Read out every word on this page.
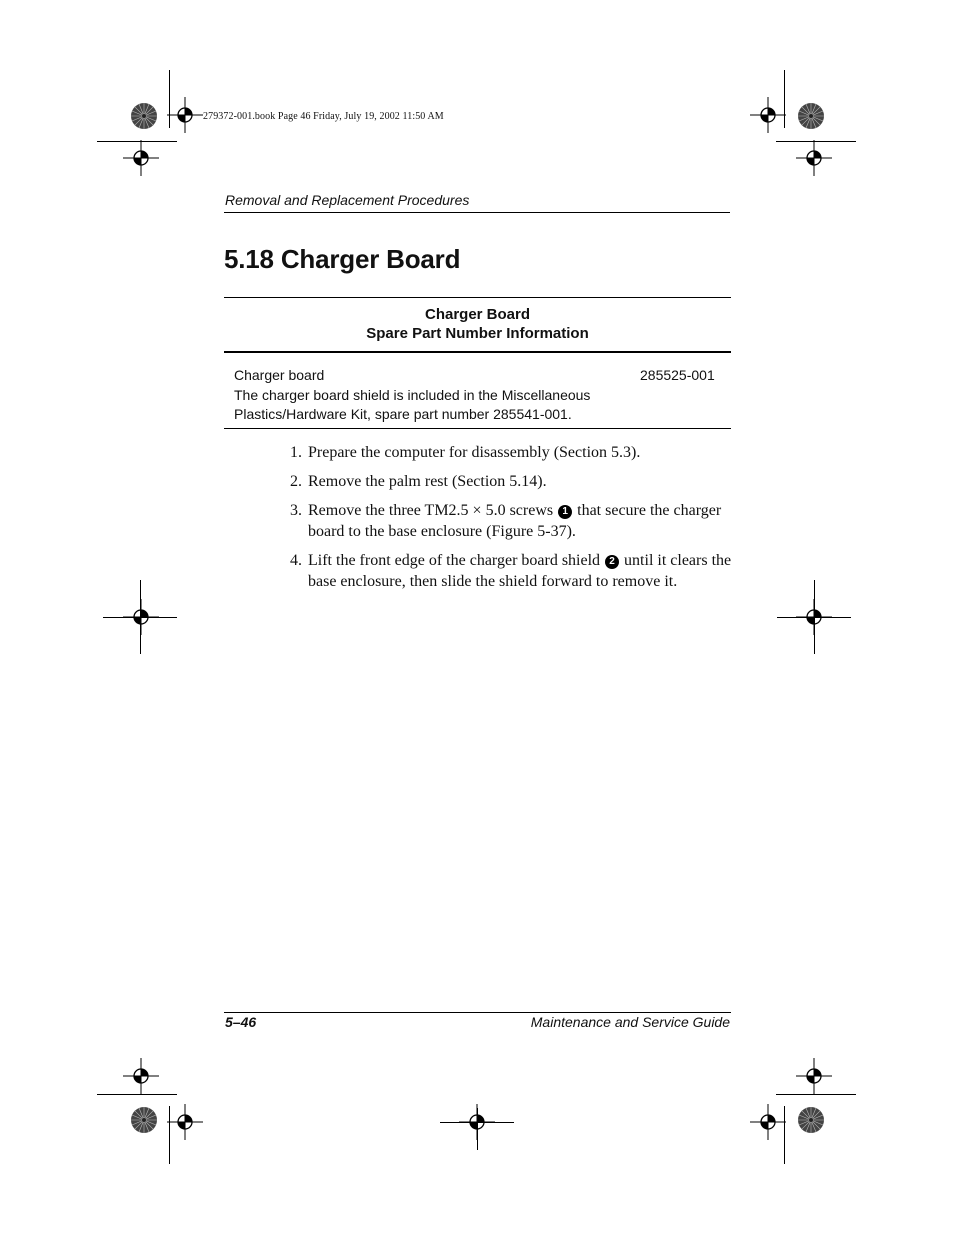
279372-001.book Page 46 Friday, July 19, 2002 11:50 AM
Removal and Replacement Procedures
5.18 Charger Board
Charger Board
Spare Part Number Information
Charger board	285525-001
The charger board shield is included in the Miscellaneous
Plastics/Hardware Kit, spare part number 285541-001.
1. Prepare the computer for disassembly (Section 5.3).
2. Remove the palm rest (Section 5.14).
3. Remove the three TM2.5 × 5.0 screws 1 that secure the charger board to the base enclosure (Figure 5-37).
4. Lift the front edge of the charger board shield 2 until it clears the base enclosure, then slide the shield forward to remove it.
5–46	Maintenance and Service Guide
